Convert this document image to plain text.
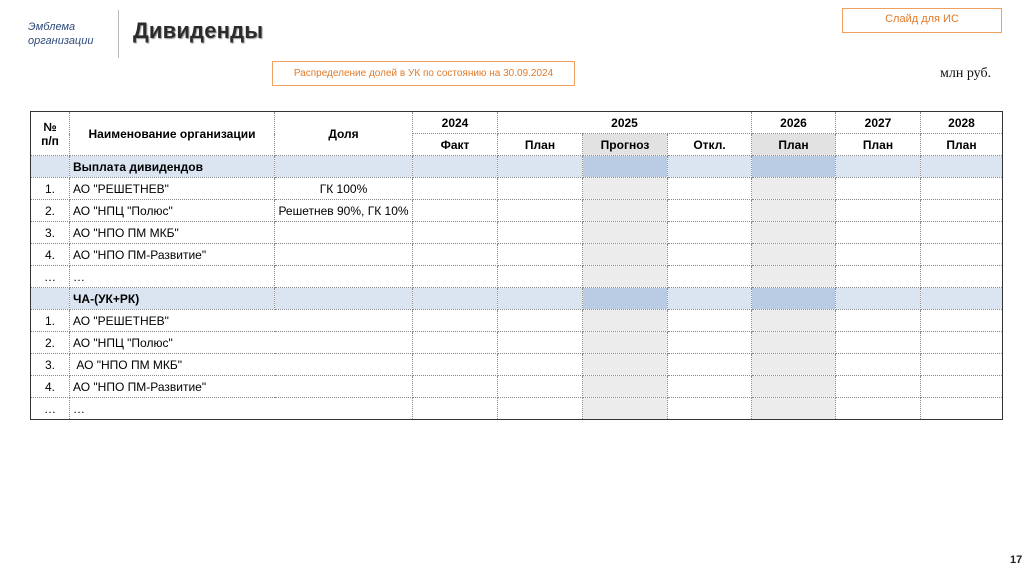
Эмблема организации	Дивиденды	Слайд для ИС
Распределение долей в УК по состоянию на 30.09.2024	млн руб.
№ п/п	Наименование организации	Доля	2024	2025			2026	2027	2028
			Факт	План	Прогноз	Откл.	План	План	План
	Выплата дивидендов								
1.	АО "РЕШЕТНЕВ"	ГК 100%							
2.	АО "НПЦ "Полюс"	Решетнев 90%, ГК 10%							
3.	АО "НПО ПМ МКБ"								
4.	АО "НПО ПМ-Развитие"								
…	…								
	ЧА-(УК+РК)								
1.	АО "РЕШЕТНЕВ"								
2.	АО "НПЦ "Полюс"								
3.	АО "НПО ПМ МКБ"								
4.	АО "НПО ПМ-Развитие"								
…	…								
17
